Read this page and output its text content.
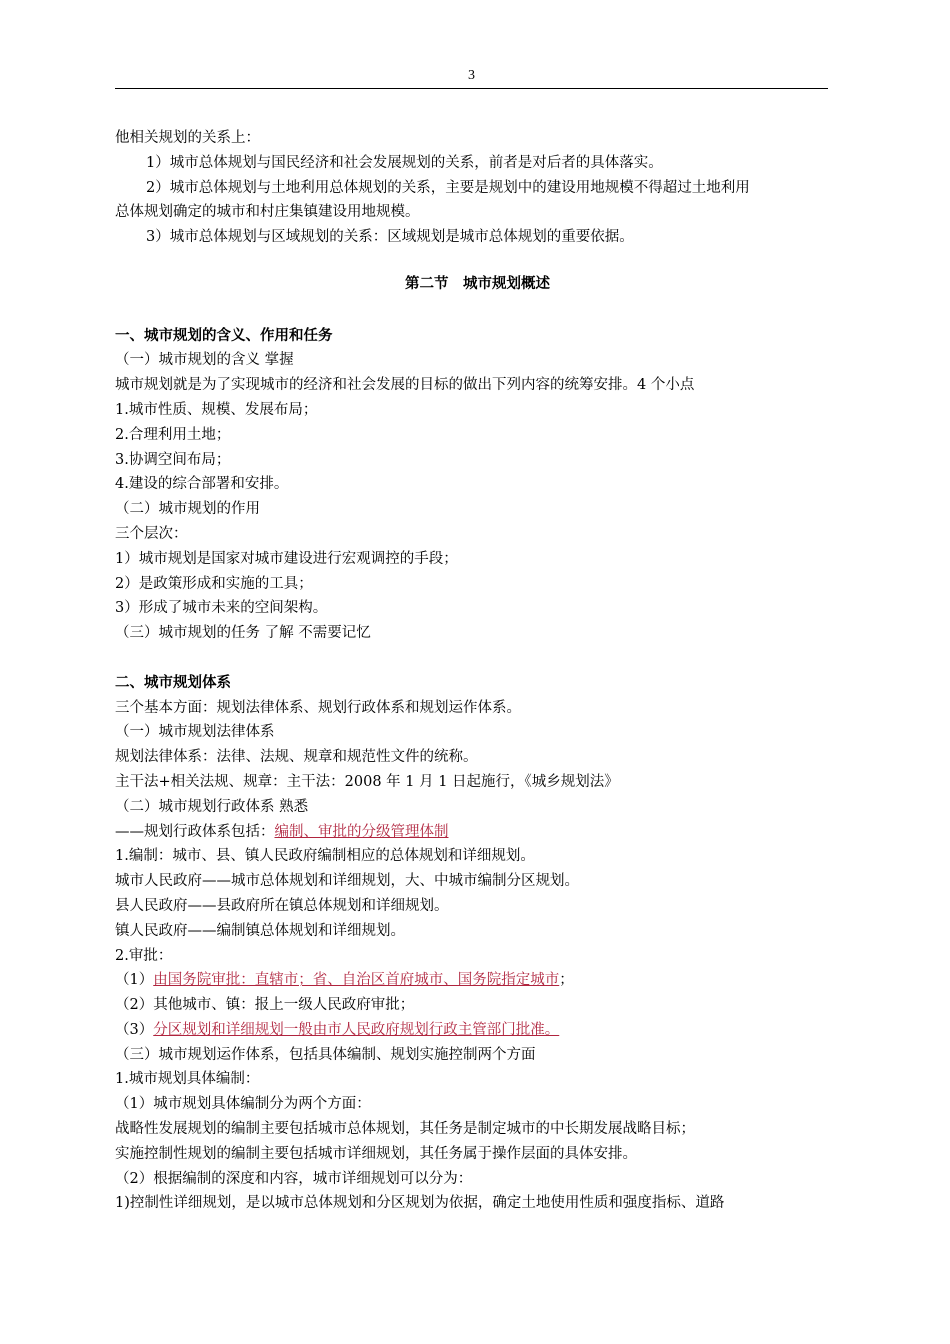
3
他相关规划的关系上：
1）城市总体规划与国民经济和社会发展规划的关系，前者是对后者的具体落实。
2）城市总体规划与土地利用总体规划的关系，主要是规划中的建设用地规模不得超过土地利用
总体规划确定的城市和村庄集镇建设用地规模。
3）城市总体规划与区域规划的关系：区域规划是城市总体规划的重要依据。
第二节　城市规划概述
一、城市规划的含义、作用和任务
（一）城市规划的含义 掌握
城市规划就是为了实现城市的经济和社会发展的目标的做出下列内容的统筹安排。4 个小点
1.城市性质、规模、发展布局；
2.合理利用土地；
3.协调空间布局；
4.建设的综合部署和安排。
（二）城市规划的作用
三个层次：
1）城市规划是国家对城市建设进行宏观调控的手段；
2）是政策形成和实施的工具；
3）形成了城市未来的空间架构。
（三）城市规划的任务 了解 不需要记忆
二、城市规划体系
三个基本方面：规划法律体系、规划行政体系和规划运作体系。
（一）城市规划法律体系
规划法律体系：法律、法规、规章和规范性文件的统称。
主干法+相关法规、规章：主干法：2008 年 1 月 1 日起施行，《城乡规划法》
（二）城市规划行政体系 熟悉
——规划行政体系包括：编制、审批的分级管理体制
1.编制：城市、县、镇人民政府编制相应的总体规划和详细规划。
城市人民政府——城市总体规划和详细规划，大、中城市编制分区规划。
县人民政府——县政府所在镇总体规划和详细规划。
镇人民政府——编制镇总体规划和详细规划。
2.审批：
（1）由国务院审批：直辖市；省、自治区首府城市、国务院指定城市；
（2）其他城市、镇：报上一级人民政府审批；
（3）分区规划和详细规划一般由市人民政府规划行政主管部门批准。
（三）城市规划运作体系，包括具体编制、规划实施控制两个方面
1.城市规划具体编制：
（1）城市规划具体编制分为两个方面：
战略性发展规划的编制主要包括城市总体规划，其任务是制定城市的中长期发展战略目标；
实施控制性规划的编制主要包括城市详细规划，其任务属于操作层面的具体安排。
（2）根据编制的深度和内容，城市详细规划可以分为：
1)控制性详细规划，是以城市总体规划和分区规划为依据，确定土地使用性质和强度指标、道路
